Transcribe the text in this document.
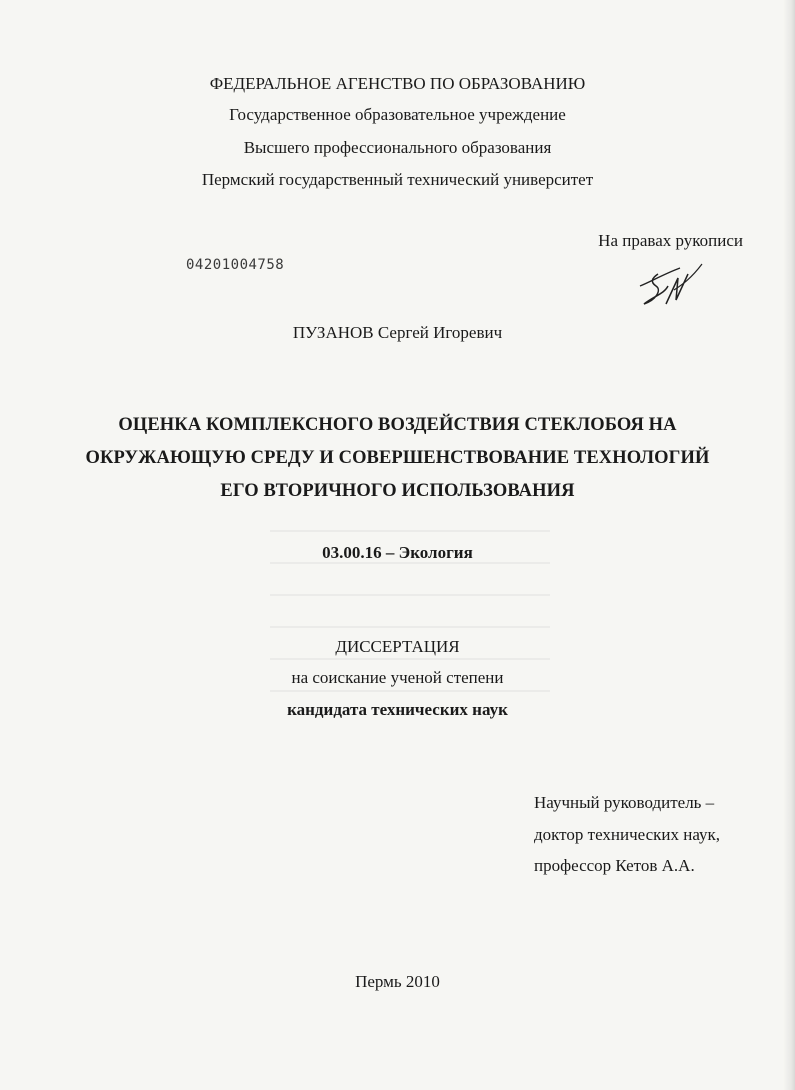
ФЕДЕРАЛЬНОЕ АГЕНСТВО ПО ОБРАЗОВАНИЮ
Государственное образовательное учреждение
Высшего профессионального образования
Пермский государственный технический университет
На правах рукописи
04201004758
ПУЗАНОВ Сергей Игоревич
ОЦЕНКА КОМПЛЕКСНОГО ВОЗДЕЙСТВИЯ СТЕКЛОБОЯ НА
ОКРУЖАЮЩУЮ СРЕДУ И СОВЕРШЕНСТВОВАНИЕ ТЕХНОЛОГИЙ
ЕГО ВТОРИЧНОГО ИСПОЛЬЗОВАНИЯ
03.00.16 – Экология
ДИССЕРТАЦИЯ
на соискание ученой степени
кандидата технических наук
Научный руководитель –
доктор технических наук,
профессор Кетов А.А.
Пермь 2010
